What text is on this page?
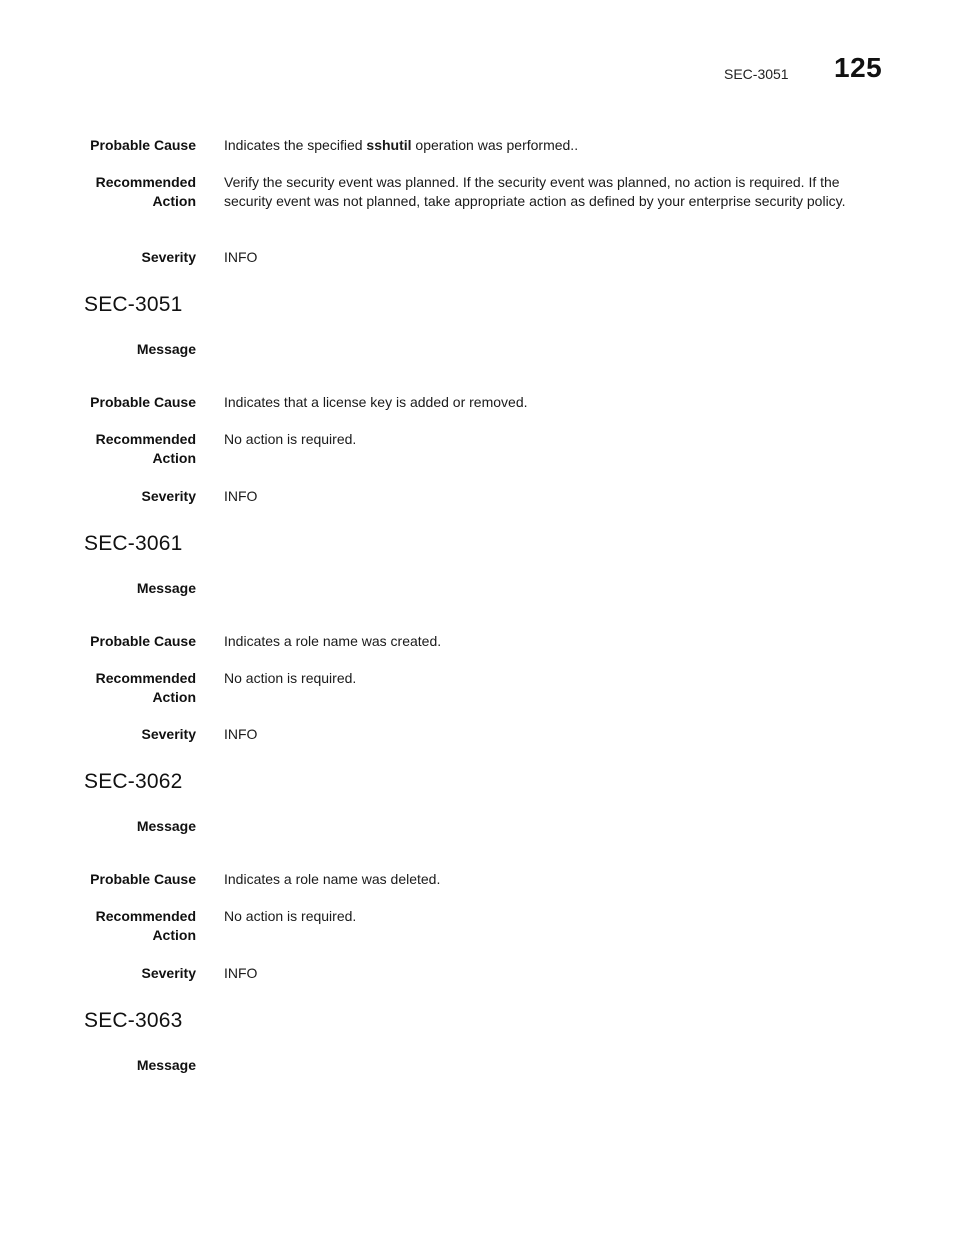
SEC-3051 125
Probable Cause Indicates the specified sshutil operation was performed..
Recommended
Action
Verify the security event was planned. If the security event was planned, no action is required. If the security event was not planned, take appropriate action as defined by your enterprise security policy.
Severity INFO
SEC-3051
Message
Probable Cause Indicates that a license key is added or removed.
Recommended
Action
No action is required.
Severity INFO
SEC-3061
Message
Probable Cause Indicates a role name was created.
Recommended
Action
No action is required.
Severity INFO
SEC-3062
Message
Probable Cause Indicates a role name was deleted.
Recommended
Action
No action is required.
Severity INFO
SEC-3063
Message
